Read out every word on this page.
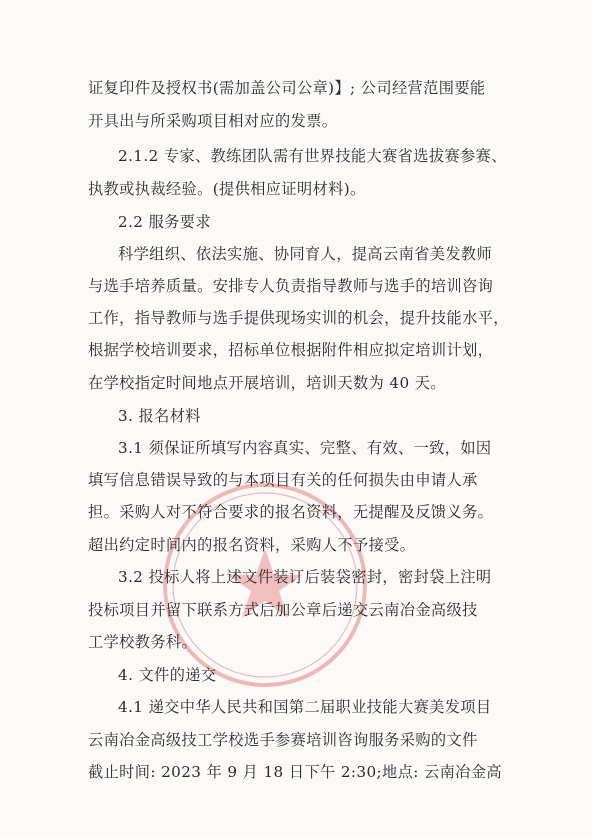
证复印件及授权书(需加盖公司公章)】; 公司经营范围要能
开具出与所采购项目相对应的发票。
2.1.2 专家、教练团队需有世界技能大赛省选拔赛参赛、
执教或执裁经验。(提供相应证明材料)。
2.2 服务要求
科学组织、依法实施、协同育人，提高云南省美发教师
与选手培养质量。安排专人负责指导教师与选手的培训咨询
工作，指导教师与选手提供现场实训的机会，提升技能水平，
根据学校培训要求，招标单位根据附件相应拟定培训计划，
在学校指定时间地点开展培训，培训天数为 40 天。
3. 报名材料
3.1 须保证所填写内容真实、完整、有效、一致，如因
填写信息错误导致的与本项目有关的任何损失由申请人承
担。采购人对不符合要求的报名资料，无提醒及反馈义务。
超出约定时间内的报名资料，采购人不予接受。
3.2 投标人将上述文件装订后装袋密封，密封袋上注明
投标项目并留下联系方式后加公章后递交云南冶金高级技
工学校教务科。
4. 文件的递交
4.1 递交中华人民共和国第二届职业技能大赛美发项目
云南冶金高级技工学校选手参赛培训咨询服务采购的文件
截止时间: 2023 年 9 月 18 日下午 2:30;地点: 云南冶金高
